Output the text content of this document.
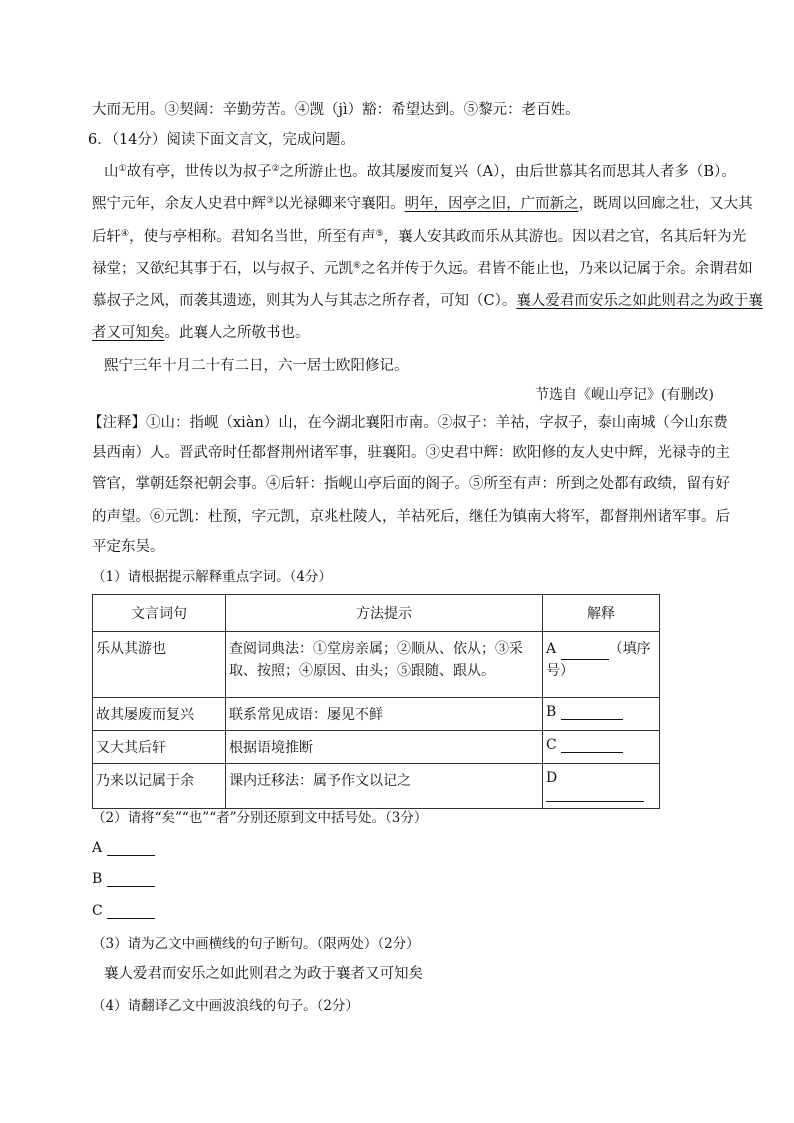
大而无用。③契阔：辛勤劳苦。④觊（jì）豁：希望达到。⑤黎元：老百姓。
6．（14分）阅读下面文言文，完成问题。
山①故有亭，世传以为叔子②之所游止也。故其屡废而复兴（A），由后世慕其名而思其人者多（B）。
熙宁元年，余友人史君中辉③以光禄卿来守襄阳。明年，因亭之旧，广而新之，既周以回廊之壮，又大其
后轩④，使与亭相称。君知名当世，所至有声⑤，襄人安其政而乐从其游也。因以君之官，名其后轩为光
禄堂；又欲纪其事于石，以与叔子、元凯⑥之名并传于久远。君皆不能止也，乃来以记属于余。余谓君如
慕叔子之风，而袭其遗迹，则其为人与其志之所存者，可知（C）。襄人爱君而安乐之如此则君之为政于襄
者又可知矣。此襄人之所敬书也。
熙宁三年十月二十有二日，六一居士欧阳修记。
节选自《岘山亭记》(有删改)
【注释】①山：指岘（xiàn）山，在今湖北襄阳市南。②叔子：羊祜，字叔子，泰山南城（今山东费
县西南）人。晋武帝时任都督荆州诸军事，驻襄阳。③史君中辉：欧阳修的友人史中辉，光禄寺的主
管官，掌朝廷祭祀朝会事。④后轩：指岘山亭后面的阁子。⑤所至有声：所到之处都有政绩，留有好
的声望。⑥元凯：杜预，字元凯，京兆杜陵人，羊祜死后，继任为镇南大将军，都督荆州诸军事。后
平定东吴。
（1）请根据提示解释重点字词。（4分）
文言词句	方法提示	解释
乐从其游也	查阅词典法：①堂房亲属；②顺从、依从；③采取、按照；④原因、由头；⑤跟随、跟从。	A （填序号）
故其屡废而复兴	联系常见成语：屡见不鲜	B
又大其后轩	根据语境推断	C
乃来以记属于余	课内迁移法：属予作文以记之	D
（2）请将“矣”“也”“者”分别还原到文中括号处。（3分）
A
B
C
（3）请为乙文中画横线的句子断句。（限两处）（2分）
襄人爱君而安乐之如此则君之为政于襄者又可知矣
（4）请翻译乙文中画波浪线的句子。（2分）
